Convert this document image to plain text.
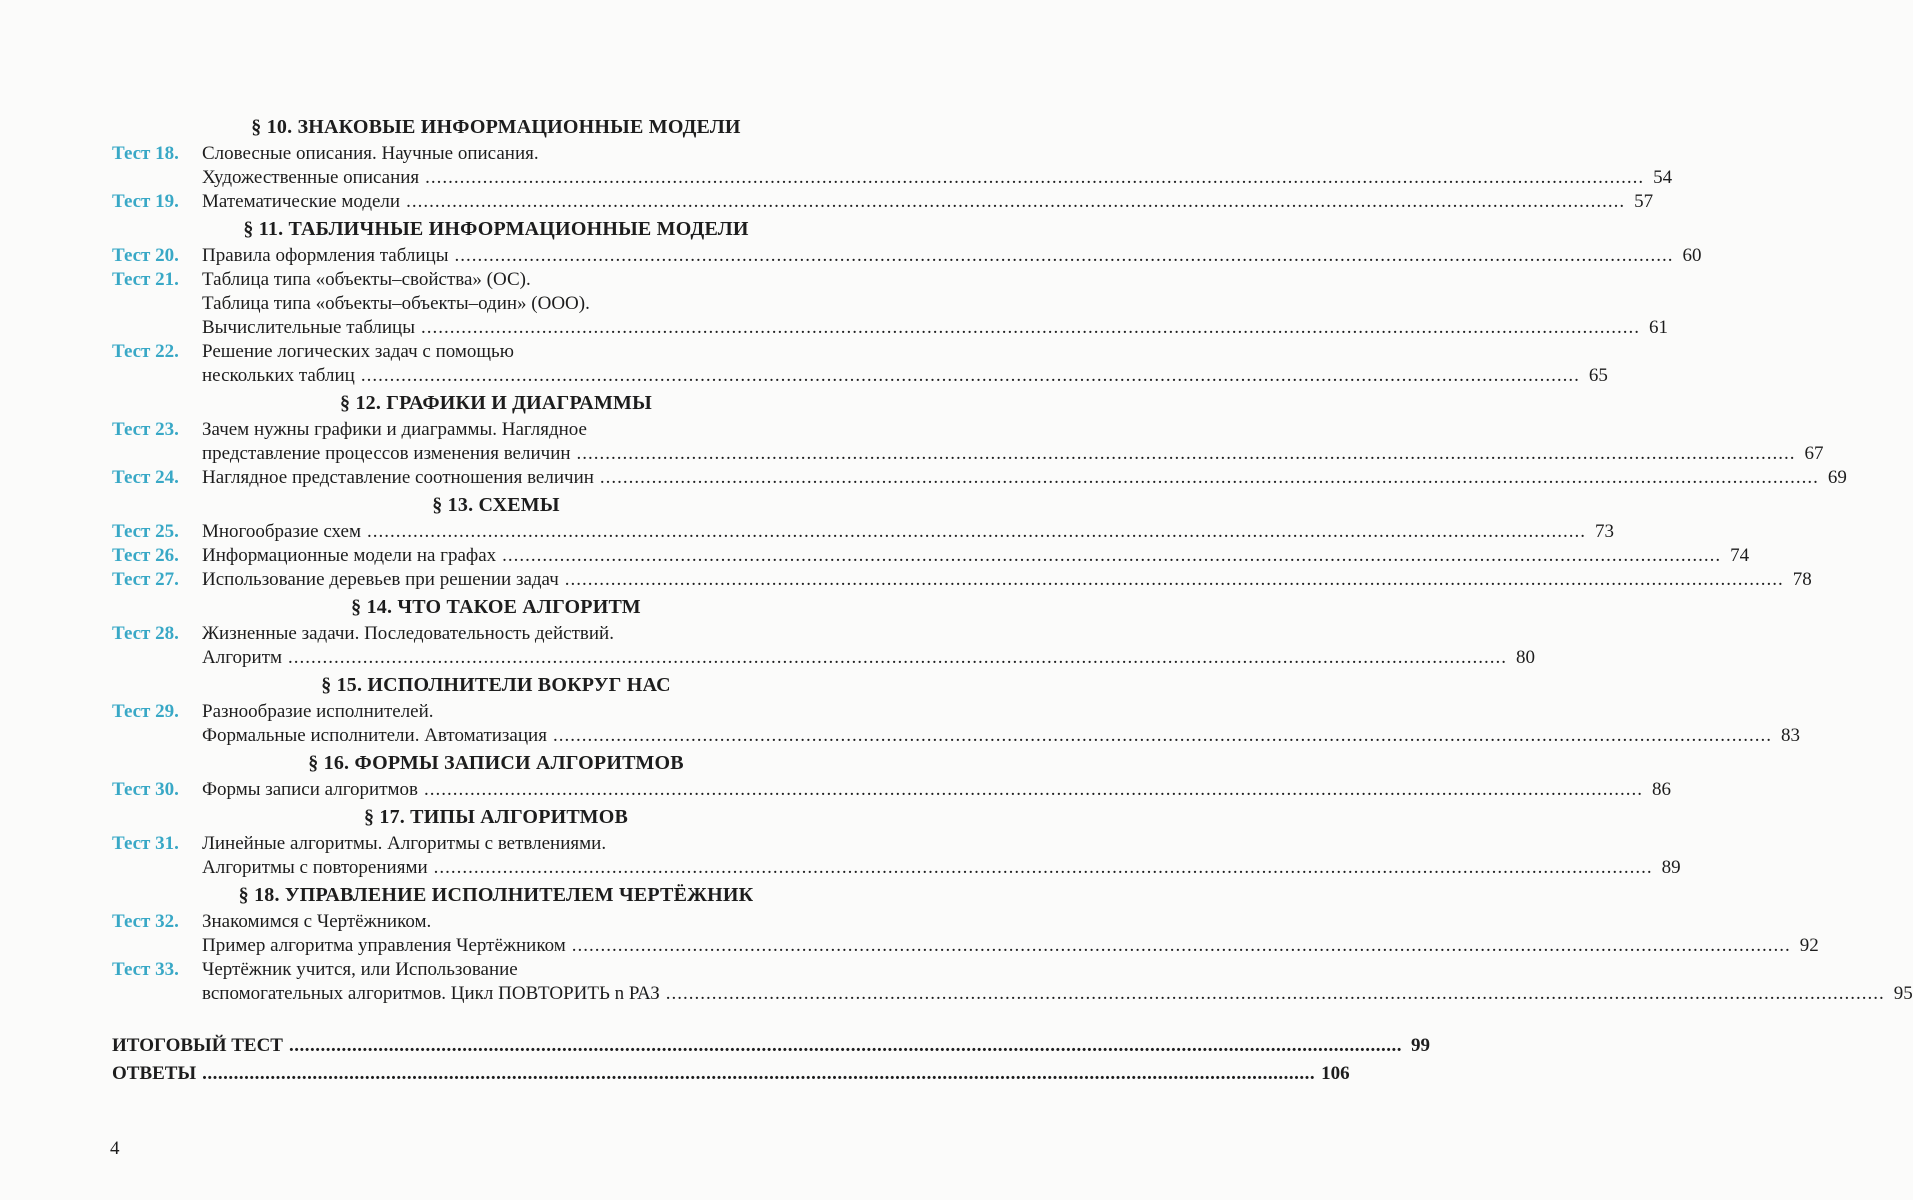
§ 10. ЗНАКОВЫЕ ИНФОРМАЦИОННЫЕ МОДЕЛИ
Тест 18.	Словесные описания. Научные описания.
Художественные описания .....	54
Тест 19.	Математические модели .....	57
§ 11. ТАБЛИЧНЫЕ ИНФОРМАЦИОННЫЕ МОДЕЛИ
Тест 20.	Правила оформления таблицы .....	60
Тест 21.	Таблица типа «объекты–свойства» (ОС).
Таблица типа «объекты–объекты–один» (ООО).
Вычислительные таблицы .....	61
Тест 22.	Решение логических задач с помощью
нескольких таблиц .....	65
§ 12. ГРАФИКИ И ДИАГРАММЫ
Тест 23.	Зачем нужны графики и диаграммы. Наглядное
представление процессов изменения величин .....	67
Тест 24.	Наглядное представление соотношения величин .....	69
§ 13. СХЕМЫ
Тест 25.	Многообразие схем .....	73
Тест 26.	Информационные модели на графах .....	74
Тест 27.	Использование деревьев при решении задач .....	78
§ 14. ЧТО ТАКОЕ АЛГОРИТМ
Тест 28.	Жизненные задачи. Последовательность действий.
Алгоритм .....	80
§ 15. ИСПОЛНИТЕЛИ ВОКРУГ НАС
Тест 29.	Разнообразие исполнителей.
Формальные исполнители. Автоматизация .....	83
§ 16. ФОРМЫ ЗАПИСИ АЛГОРИТМОВ
Тест 30.	Формы записи алгоритмов .....	86
§ 17. ТИПЫ АЛГОРИТМОВ
Тест 31.	Линейные алгоритмы. Алгоритмы с ветвлениями.
Алгоритмы с повторениями .....	89
§ 18. УПРАВЛЕНИЕ ИСПОЛНИТЕЛЕМ ЧЕРТЁЖНИК
Тест 32.	Знакомимся с Чертёжником.
Пример алгоритма управления Чертёжником .....	92
Тест 33.	Чертёжник учится, или Использование
вспомогательных алгоритмов. Цикл ПОВТОРИТЬ n РАЗ .....	95
ИТОГОВЫЙ ТЕСТ .....	99
ОТВЕТЫ .....	106
4
